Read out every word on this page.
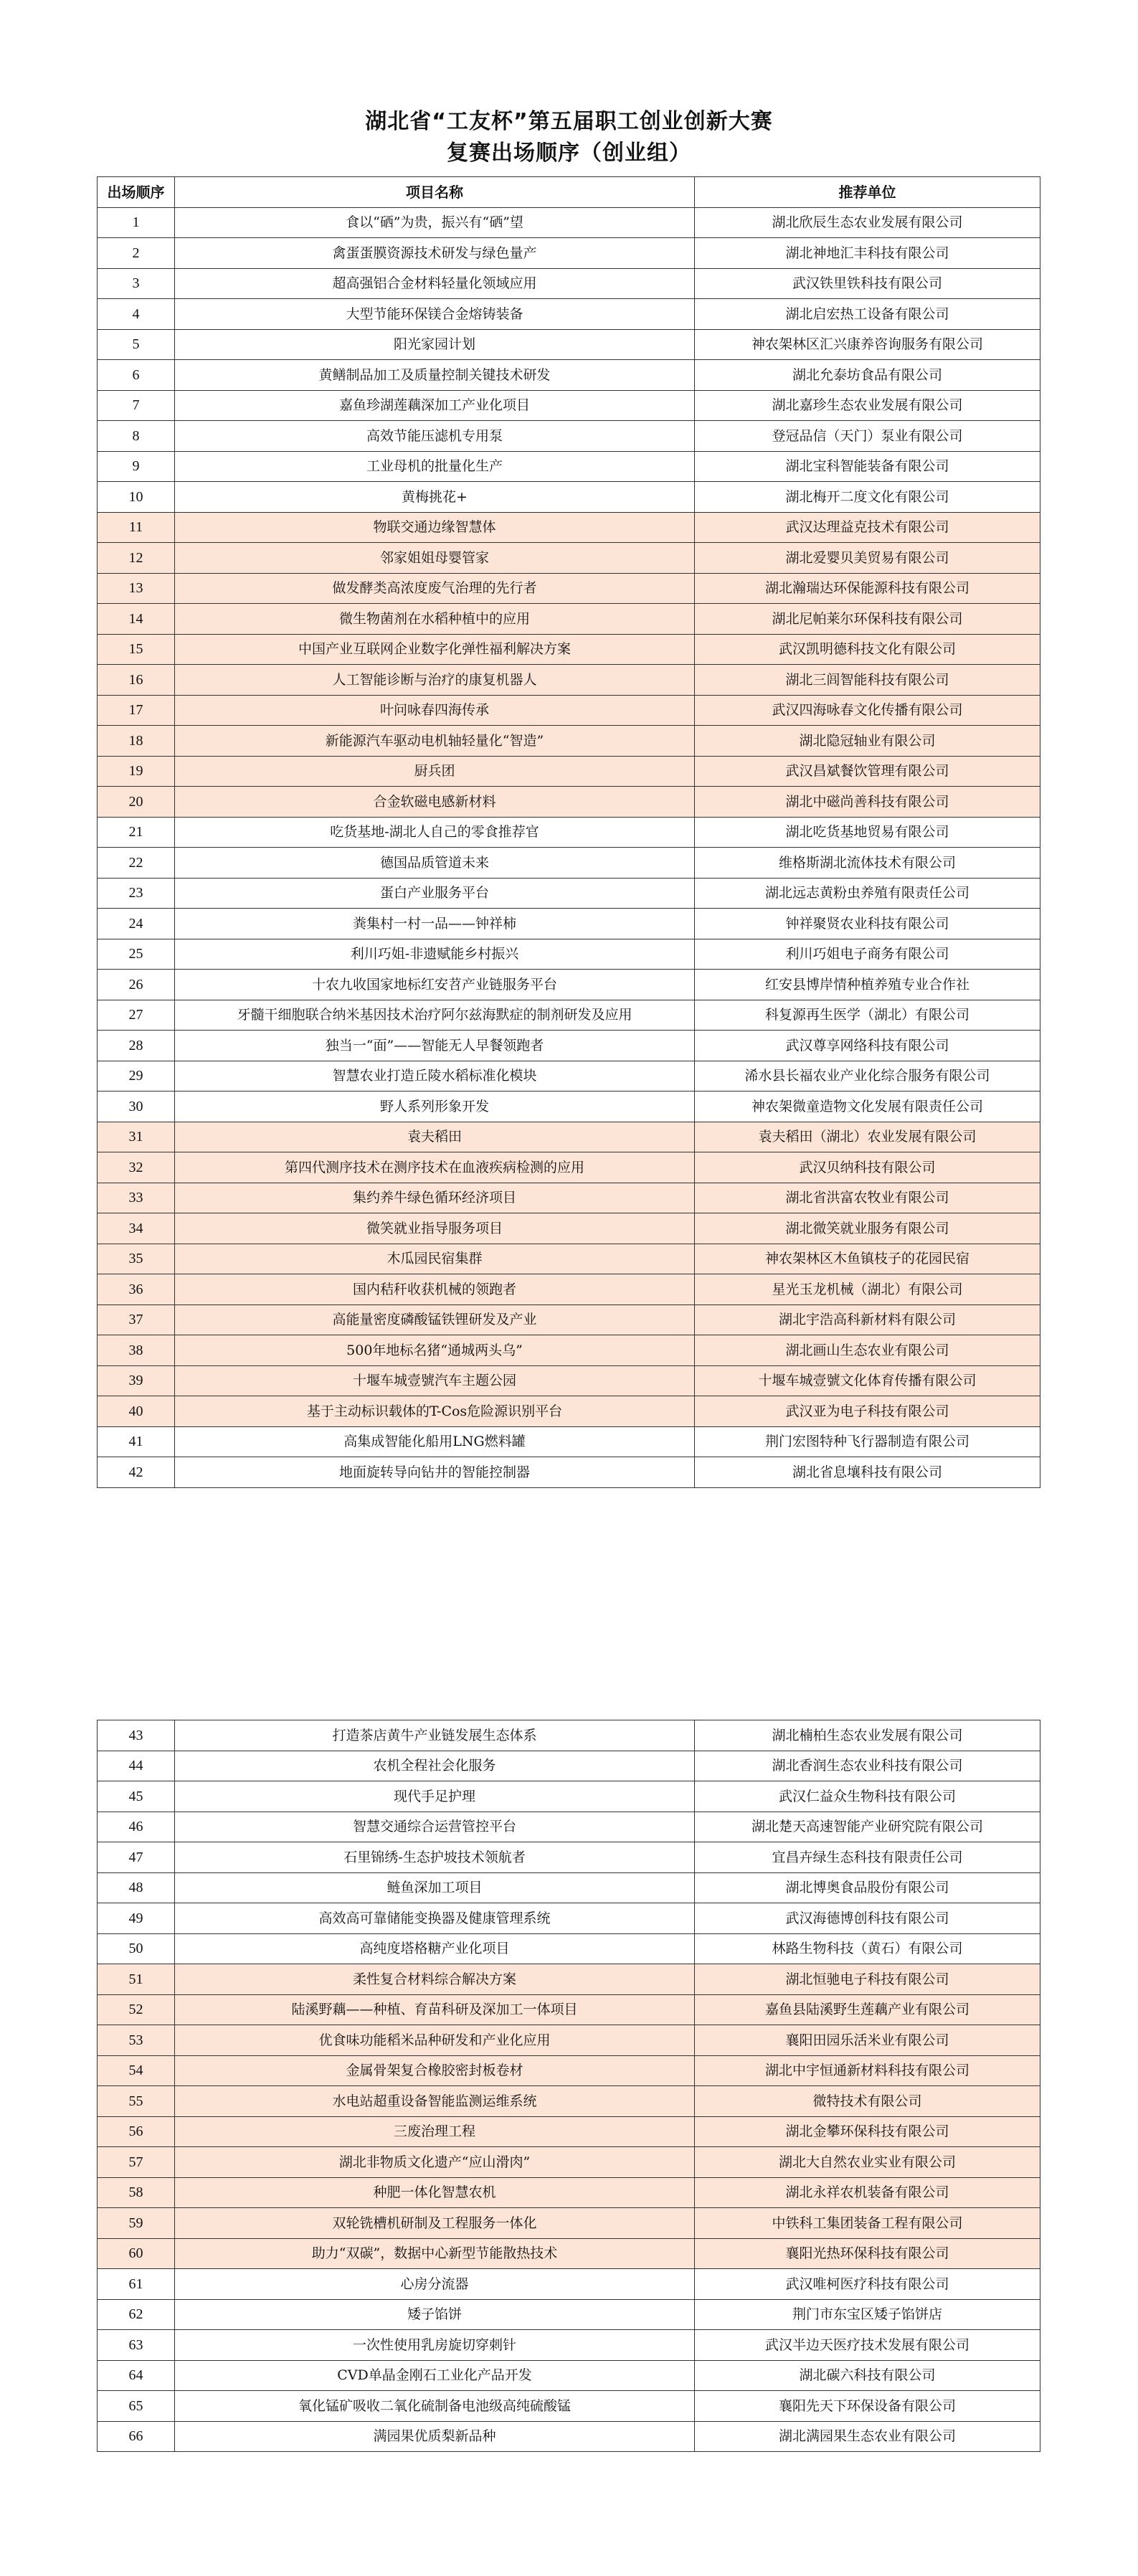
湖北省“工友杯”第五届职工创业创新大赛
复赛出场顺序（创业组）
出场顺序	项目名称	推荐单位
1	食以“硒”为贵，振兴有“硒”望	湖北欣辰生态农业发展有限公司
2	禽蛋蛋膜资源技术研发与绿色量产	湖北神地汇丰科技有限公司
3	超高强铝合金材料轻量化领域应用	武汉铁里铁科技有限公司
4	大型节能环保镁合金熔铸装备	湖北启宏热工设备有限公司
5	阳光家园计划	神农架林区汇兴康养咨询服务有限公司
6	黄鳝制品加工及质量控制关键技术研发	湖北允泰坊食品有限公司
7	嘉鱼珍湖莲藕深加工产业化项目	湖北嘉珍生态农业发展有限公司
8	高效节能压滤机专用泵	登冠品信（天门）泵业有限公司
9	工业母机的批量化生产	湖北宝科智能装备有限公司
10	黄梅挑花+	湖北梅开二度文化有限公司
11	物联交通边缘智慧体	武汉达理益克技术有限公司
12	邻家姐姐母婴管家	湖北爱婴贝美贸易有限公司
13	做发酵类高浓度废气治理的先行者	湖北瀚瑞达环保能源科技有限公司
14	微生物菌剂在水稻种植中的应用	湖北尼帕莱尔环保科技有限公司
15	中国产业互联网企业数字化弹性福利解决方案	武汉凯明德科技文化有限公司
16	人工智能诊断与治疗的康复机器人	湖北三闾智能科技有限公司
17	叶问咏春四海传承	武汉四海咏春文化传播有限公司
18	新能源汽车驱动电机轴轻量化“智造”	湖北隐冠轴业有限公司
19	厨兵团	武汉昌斌餐饮管理有限公司
20	合金软磁电感新材料	湖北中磁尚善科技有限公司
21	吃货基地-湖北人自己的零食推荐官	湖北吃货基地贸易有限公司
22	德国品质管道未来	维格斯湖北流体技术有限公司
23	蛋白产业服务平台	湖北远志黄粉虫养殖有限责任公司
24	粪集村一村一品——钟祥柿	钟祥聚贤农业科技有限公司
25	利川巧姐-非遗赋能乡村振兴	利川巧姐电子商务有限公司
26	十农九收国家地标红安苕产业链服务平台	红安县博岸情种植养殖专业合作社
27	牙髓干细胞联合纳米基因技术治疗阿尔兹海默症的制剂研发及应用	科复源再生医学（湖北）有限公司
28	独当一“面”——智能无人早餐领跑者	武汉尊享网络科技有限公司
29	智慧农业打造丘陵水稻标准化模块	浠水县长福农业产业化综合服务有限公司
30	野人系列形象开发	神农架微童造物文化发展有限责任公司
31	袁夫稻田	袁夫稻田（湖北）农业发展有限公司
32	第四代测序技术在测序技术在血液疾病检测的应用	武汉贝纳科技有限公司
33	集约养牛绿色循环经济项目	湖北省洪富农牧业有限公司
34	微笑就业指导服务项目	湖北微笑就业服务有限公司
35	木瓜园民宿集群	神农架林区木鱼镇枝子的花园民宿
36	国内秸秆收获机械的领跑者	星光玉龙机械（湖北）有限公司
37	高能量密度磷酸锰铁锂研发及产业	湖北宇浩高科新材料有限公司
38	500年地标名猪“通城两头乌”	湖北画山生态农业有限公司
39	十堰车城壹號汽车主题公园	十堰车城壹號文化体育传播有限公司
40	基于主动标识载体的T-Cos危险源识别平台	武汉亚为电子科技有限公司
41	高集成智能化船用LNG燃料罐	荆门宏图特种飞行器制造有限公司
42	地面旋转导向钻井的智能控制器	湖北省息壤科技有限公司
43	打造茶店黄牛产业链发展生态体系	湖北楠柏生态农业发展有限公司
44	农机全程社会化服务	湖北香润生态农业科技有限公司
45	现代手足护理	武汉仁益众生物科技有限公司
46	智慧交通综合运营管控平台	湖北楚天高速智能产业研究院有限公司
47	石里锦绣-生态护坡技术领航者	宜昌卉绿生态科技有限责任公司
48	鲢鱼深加工项目	湖北博奥食品股份有限公司
49	高效高可靠储能变换器及健康管理系统	武汉海德博创科技有限公司
50	高纯度塔格糖产业化项目	林路生物科技（黄石）有限公司
51	柔性复合材料综合解决方案	湖北恒驰电子科技有限公司
52	陆溪野藕——种植、育苗科研及深加工一体项目	嘉鱼县陆溪野生莲藕产业有限公司
53	优食味功能稻米品种研发和产业化应用	襄阳田园乐活米业有限公司
54	金属骨架复合橡胶密封板卷材	湖北中宇恒通新材料科技有限公司
55	水电站超重设备智能监测运维系统	微特技术有限公司
56	三废治理工程	湖北金攀环保科技有限公司
57	湖北非物质文化遗产“应山滑肉”	湖北大自然农业实业有限公司
58	种肥一体化智慧农机	湖北永祥农机装备有限公司
59	双轮铣槽机研制及工程服务一体化	中铁科工集团装备工程有限公司
60	助力“双碳”，数据中心新型节能散热技术	襄阳光热环保科技有限公司
61	心房分流器	武汉唯柯医疗科技有限公司
62	矮子馅饼	荆门市东宝区矮子馅饼店
63	一次性使用乳房旋切穿刺针	武汉半边天医疗技术发展有限公司
64	CVD单晶金刚石工业化产品开发	湖北碳六科技有限公司
65	氧化锰矿吸收二氧化硫制备电池级高纯硫酸锰	襄阳先天下环保设备有限公司
66	满园果优质梨新品种	湖北满园果生态农业有限公司
